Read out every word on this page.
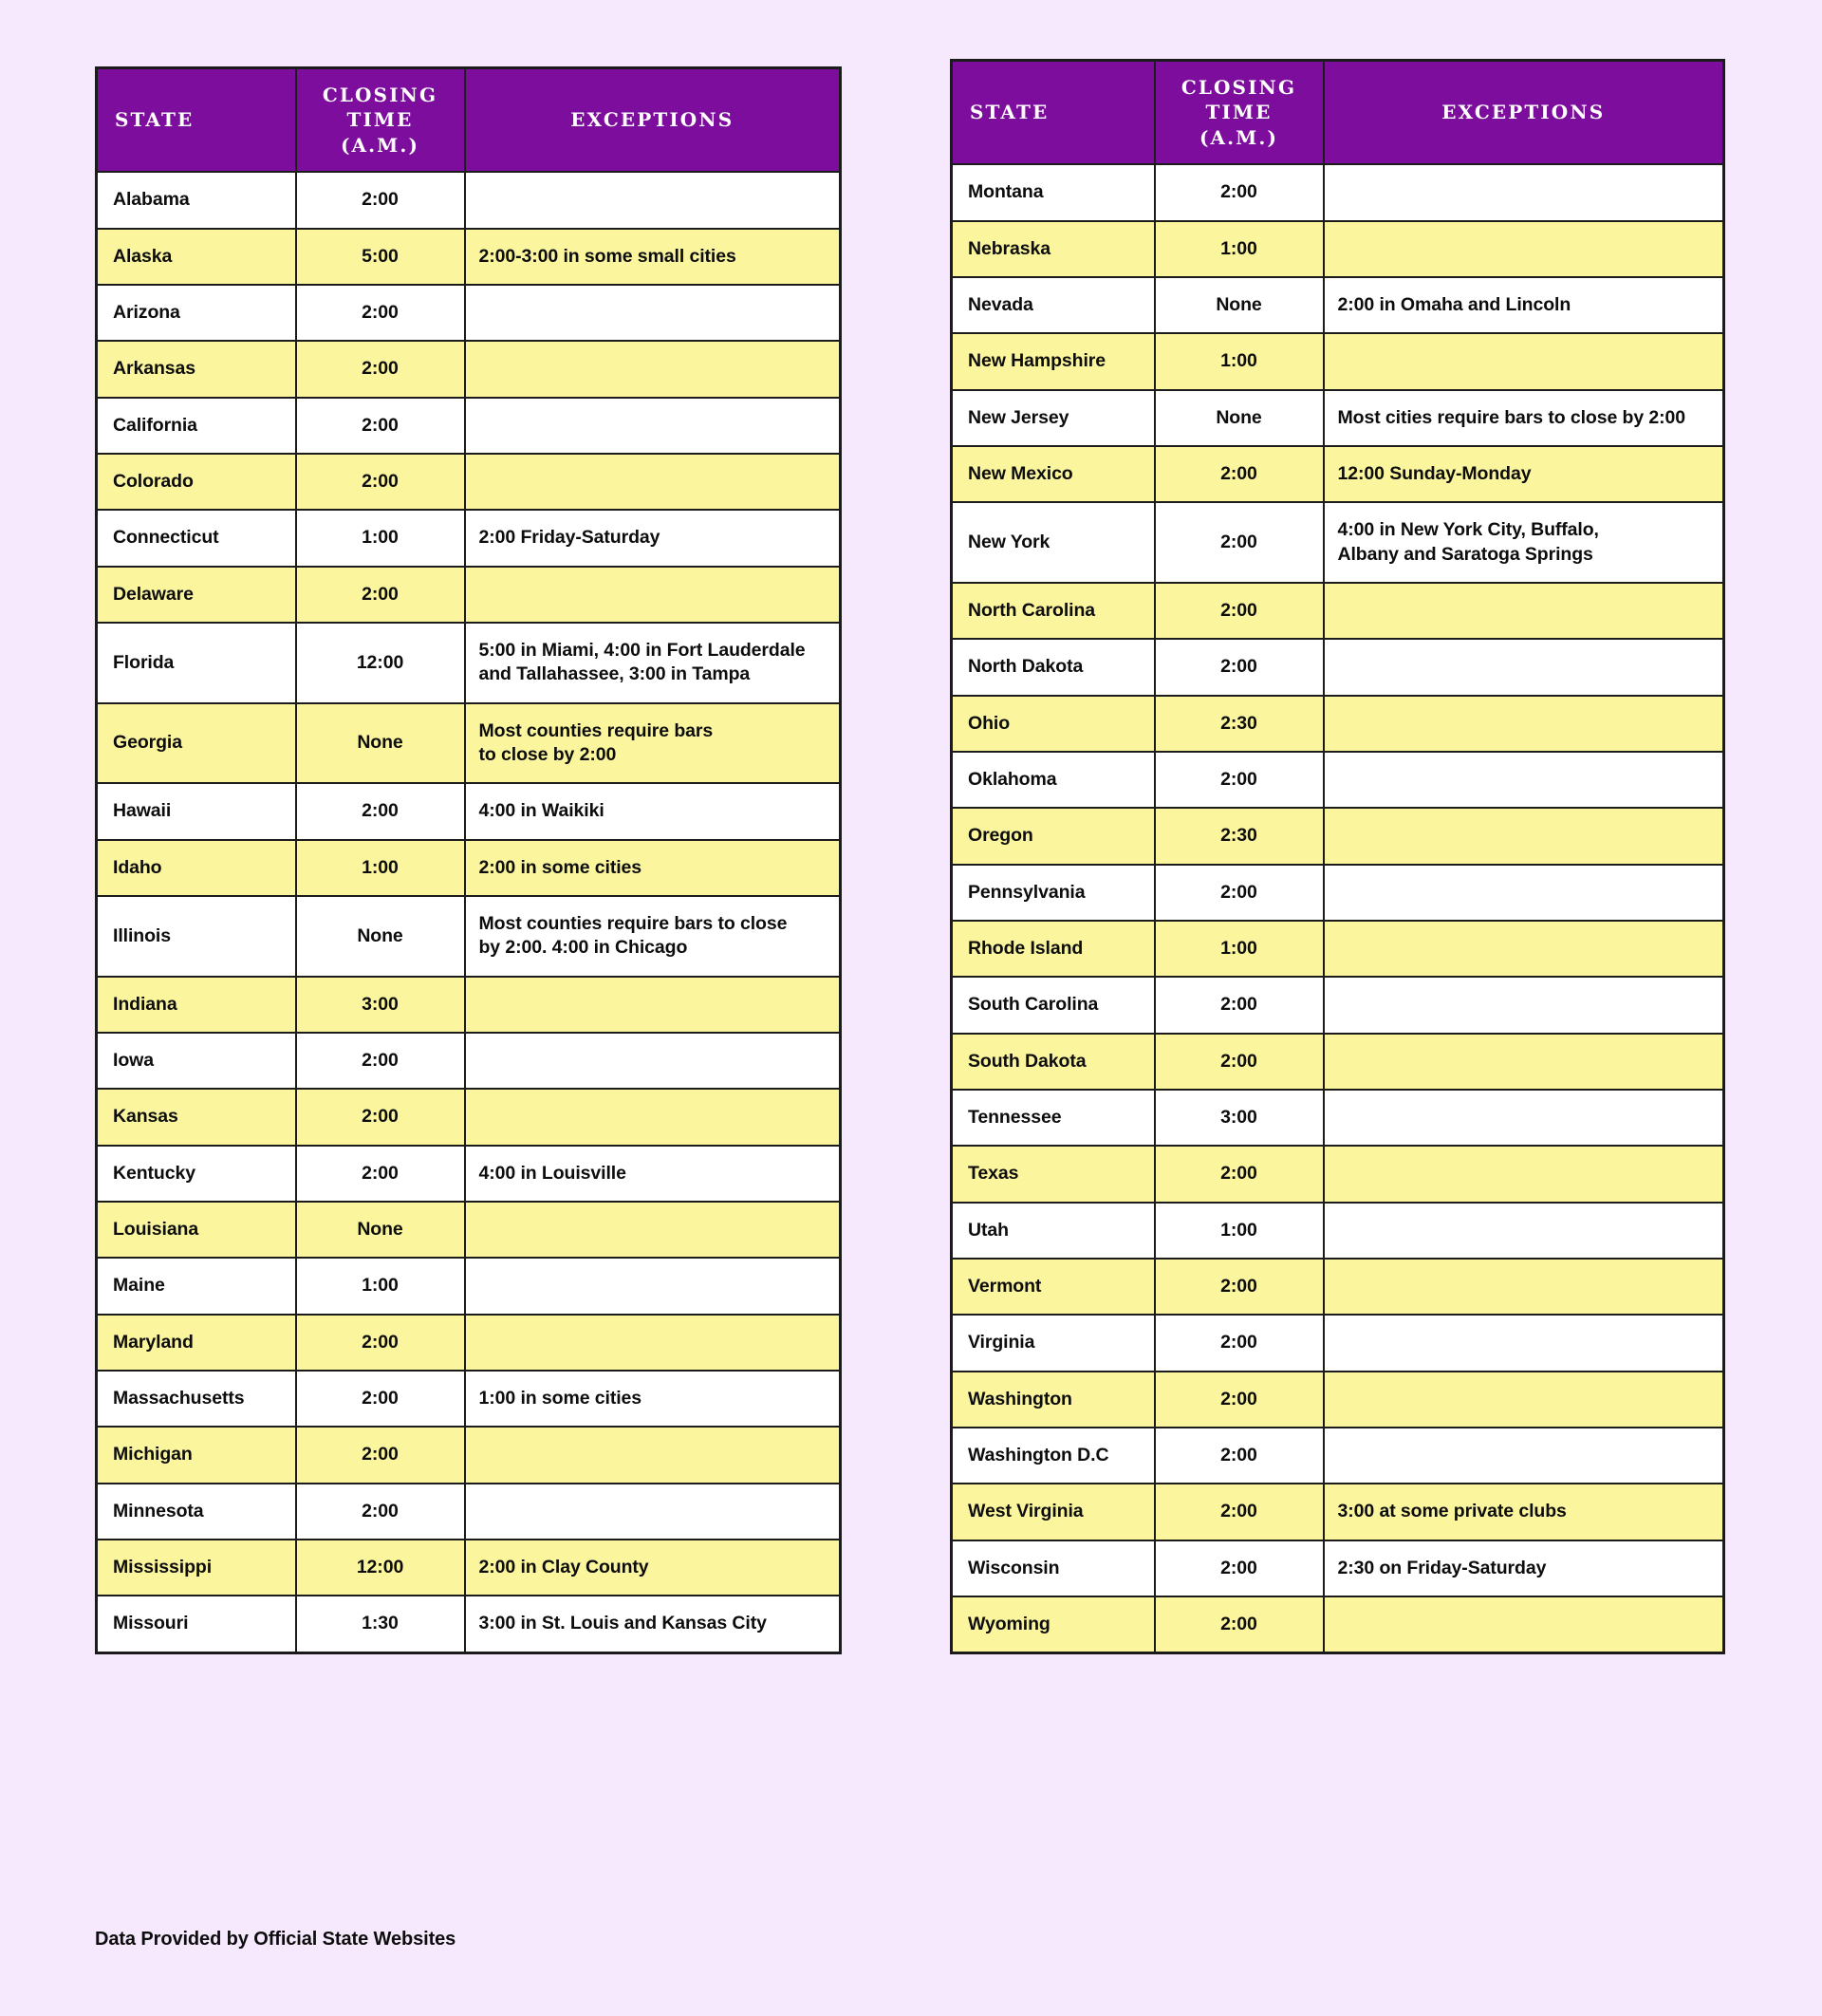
STATE	CLOSING
TIME (A.M.)	EXCEPTIONS
Alabama	2:00	
Alaska	5:00	2:00-3:00 in some small cities
Arizona	2:00	
Arkansas	2:00	
California	2:00	
Colorado	2:00	
Connecticut	1:00	2:00 Friday-Saturday
Delaware	2:00	
Florida	12:00	5:00 in Miami, 4:00 in Fort Lauderdale
and Tallahassee, 3:00 in Tampa
Georgia	None	Most counties require bars
to close by 2:00
Hawaii	2:00	4:00 in Waikiki
Idaho	1:00	2:00 in some cities
Illinois	None	Most counties require bars to close
by 2:00. 4:00 in Chicago
Indiana	3:00	
Iowa	2:00	
Kansas	2:00	
Kentucky	2:00	4:00 in Louisville
Louisiana	None	
Maine	1:00	
Maryland	2:00	
Massachusetts	2:00	1:00 in some cities
Michigan	2:00	
Minnesota	2:00	
Mississippi	12:00	2:00 in Clay County
Missouri	1:30	3:00 in St. Louis and Kansas City
STATE	CLOSING
TIME (A.M.)	EXCEPTIONS
Montana	2:00	
Nebraska	1:00	
Nevada	None	2:00 in Omaha and Lincoln
New Hampshire	1:00	
New Jersey	None	Most cities require bars to close by 2:00
New Mexico	2:00	12:00 Sunday-Monday
New York	2:00	4:00 in New York City, Buffalo,
Albany and Saratoga Springs
North Carolina	2:00	
North Dakota	2:00	
Ohio	2:30	
Oklahoma	2:00	
Oregon	2:30	
Pennsylvania	2:00	
Rhode Island	1:00	
South Carolina	2:00	
South Dakota	2:00	
Tennessee	3:00	
Texas	2:00	
Utah	1:00	
Vermont	2:00	
Virginia	2:00	
Washington	2:00	
Washington D.C	2:00	
West Virginia	2:00	3:00 at some private clubs
Wisconsin	2:00	2:30 on Friday-Saturday
Wyoming	2:00	
Data Provided by Official State Websites
